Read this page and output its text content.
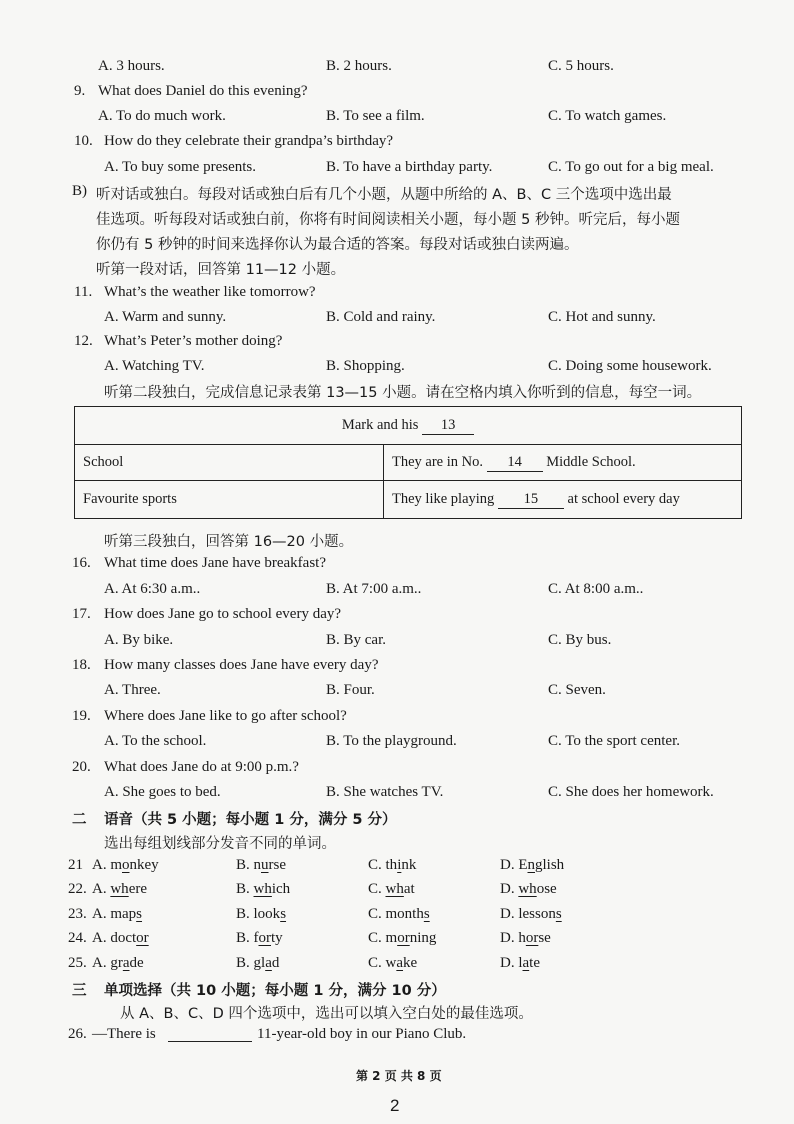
A. 3 hours.	B. 2 hours.	C. 5 hours.
9. What does Daniel do this evening?
A. To do much work.	B. To see a film.	C. To watch games.
10. How do they celebrate their grandpa’s birthday?
A. To buy some presents.	B. To have a birthday party.	C. To go out for a big meal.
B) 听对话或独白。每段对话或独白后有几个小题，从题中所给的 A、B、C 三个选项中选出最
佳选项。听每段对话或独白前，你将有时间阅读相关小题，每小题 5 秒钟。听完后，每小题
你仍有 5 秒钟的时间来选择你认为最合适的答案。每段对话或独白读两遍。
听第一段对话，回答第 11—12 小题。
11. What’s the weather like tomorrow?
A. Warm and sunny.	B. Cold and rainy.	C. Hot and sunny.
12. What’s Peter’s mother doing?
A. Watching TV.	B. Shopping.	C. Doing some housework.
听第二段独白，完成信息记录表第 13—15 小题。请在空格内填入你听到的信息，每空一词。
Mark and his 13	
School	They are in No. 14 Middle School.
Favourite sports	They like playing 15 at school every day
听第三段独白，回答第 16—20 小题。
16. What time does Jane have breakfast?
A. At 6:30 a.m..	B. At 7:00 a.m..	C. At 8:00 a.m..
17. How does Jane go to school every day?
A. By bike.	B. By car.	C. By bus.
18. How many classes does Jane have every day?
A. Three.	B. Four.	C. Seven.
19. Where does Jane like to go after school?
A. To the school.	B. To the playground.	C. To the sport center.
20. What does Jane do at 9:00 p.m.?
A. She goes to bed.	B. She watches TV.	C. She does her homework.
二 语音（共 5 小题；每小题 1 分，满分 5 分）
选出每组划线部分发音不同的单词。
21 A. monkey	B. nurse	C. think	D. English
22. A. where	B. which	C. what	D. whose
23. A. maps	B. looks	C. months	D. lessons
24. A. doctor	B. forty	C. morning	D. horse
25. A. grade	B. glad	C. wake	D. late
三 单项选择（共 10 小题；每小题 1 分，满分 10 分）
从 A、B、C、D 四个选项中，选出可以填入空白处的最佳选项。
26. —There is	11-year-old boy in our Piano Club.
第 2 页 共 8 页
2
